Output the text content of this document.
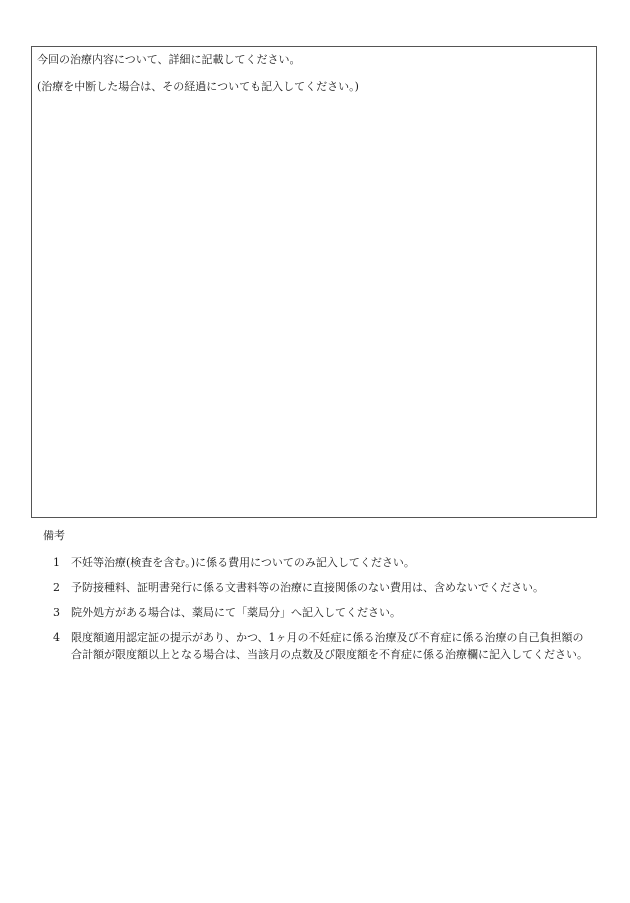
今回の治療内容について、詳細に記載してください。
(治療を中断した場合は、その経過についても記入してください。)
備考
1	不妊等治療(検査を含む。)に係る費用についてのみ記入してください。
2	予防接種料、証明書発行に係る文書料等の治療に直接関係のない費用は、含めないでください。
3	院外処方がある場合は、薬局にて「薬局分」へ記入してください。
4	限度額適用認定証の提示があり、かつ、1ヶ月の不妊症に係る治療及び不育症に係る治療の自己負担額の合計額が限度額以上となる場合は、当該月の点数及び限度額を不育症に係る治療欄に記入してください。
